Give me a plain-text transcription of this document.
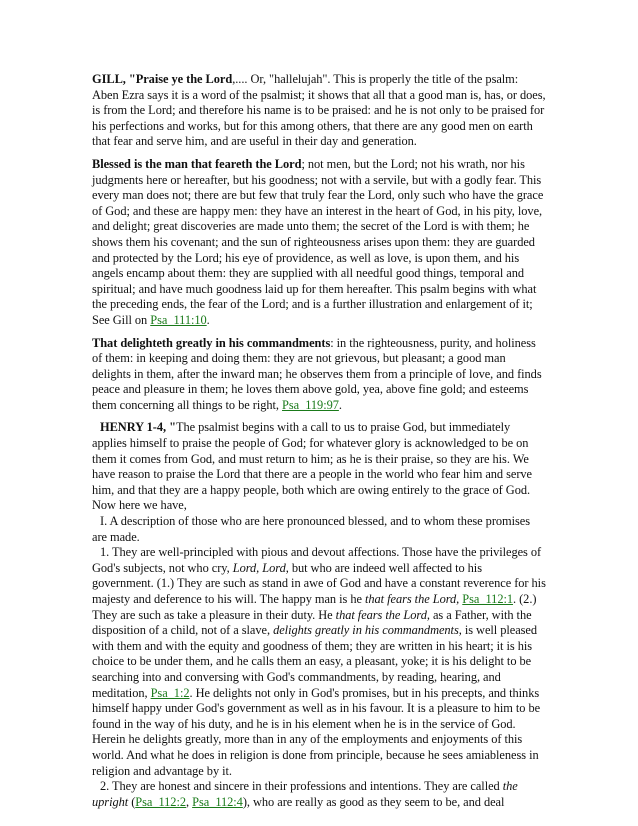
GILL, "Praise ye the Lord,.... Or, "hallelujah". This is properly the title of the psalm: Aben Ezra says it is a word of the psalmist; it shows that all that a good man is, has, or does, is from the Lord; and therefore his name is to be praised: and he is not only to be praised for his perfections and works, but for this among others, that there are any good men on earth that fear and serve him, and are useful in their day and generation.

Blessed is the man that feareth the Lord; not men, but the Lord; not his wrath, nor his judgments here or hereafter, but his goodness; not with a servile, but with a godly fear. This every man does not; there are but few that truly fear the Lord, only such who have the grace of God; and these are happy men: they have an interest in the heart of God, in his pity, love, and delight; great discoveries are made unto them; the secret of the Lord is with them; he shows them his covenant; and the sun of righteousness arises upon them: they are guarded and protected by the Lord; his eye of providence, as well as love, is upon them, and his angels encamp about them: they are supplied with all needful good things, temporal and spiritual; and have much goodness laid up for them hereafter. This psalm begins with what the preceding ends, the fear of the Lord; and is a further illustration and enlargement of it; See Gill on Psa_111:10.

That delighteth greatly in his commandments: in the righteousness, purity, and holiness of them: in keeping and doing them: they are not grievous, but pleasant; a good man delights in them, after the inward man; he observes them from a principle of love, and finds peace and pleasure in them; he loves them above gold, yea, above fine gold; and esteems them concerning all things to be right, Psa_119:97.

HENRY 1-4, "The psalmist begins with a call to us to praise God, but immediately applies himself to praise the people of God; for whatever glory is acknowledged to be on them it comes from God, and must return to him; as he is their praise, so they are his. We have reason to praise the Lord that there are a people in the world who fear him and serve him, and that they are a happy people, both which are owing entirely to the grace of God. Now here we have,

I. A description of those who are here pronounced blessed, and to whom these promises are made.

1. They are well-principled with pious and devout affections. Those have the privileges of God's subjects, not who cry, Lord, Lord, but who are indeed well affected to his government. (1.) They are such as stand in awe of God and have a constant reverence for his majesty and deference to his will. The happy man is he that fears the Lord, Psa_112:1. (2.) They are such as take a pleasure in their duty. He that fears the Lord, as a Father, with the disposition of a child, not of a slave, delights greatly in his commandments, is well pleased with them and with the equity and goodness of them; they are written in his heart; it is his choice to be under them, and he calls them an easy, a pleasant, yoke; it is his delight to be searching into and conversing with God's commandments, by reading, hearing, and meditation, Psa_1:2. He delights not only in God's promises, but in his precepts, and thinks himself happy under God's government as well as in his favour. It is a pleasure to him to be found in the way of his duty, and he is in his element when he is in the service of God. Herein he delights greatly, more than in any of the employments and enjoyments of this world. And what he does in religion is done from principle, because he sees amiableness in religion and advantage by it.

2. They are honest and sincere in their professions and intentions. They are called the upright (Psa_112:2, Psa_112:4), who are really as good as they seem to be, and deal
